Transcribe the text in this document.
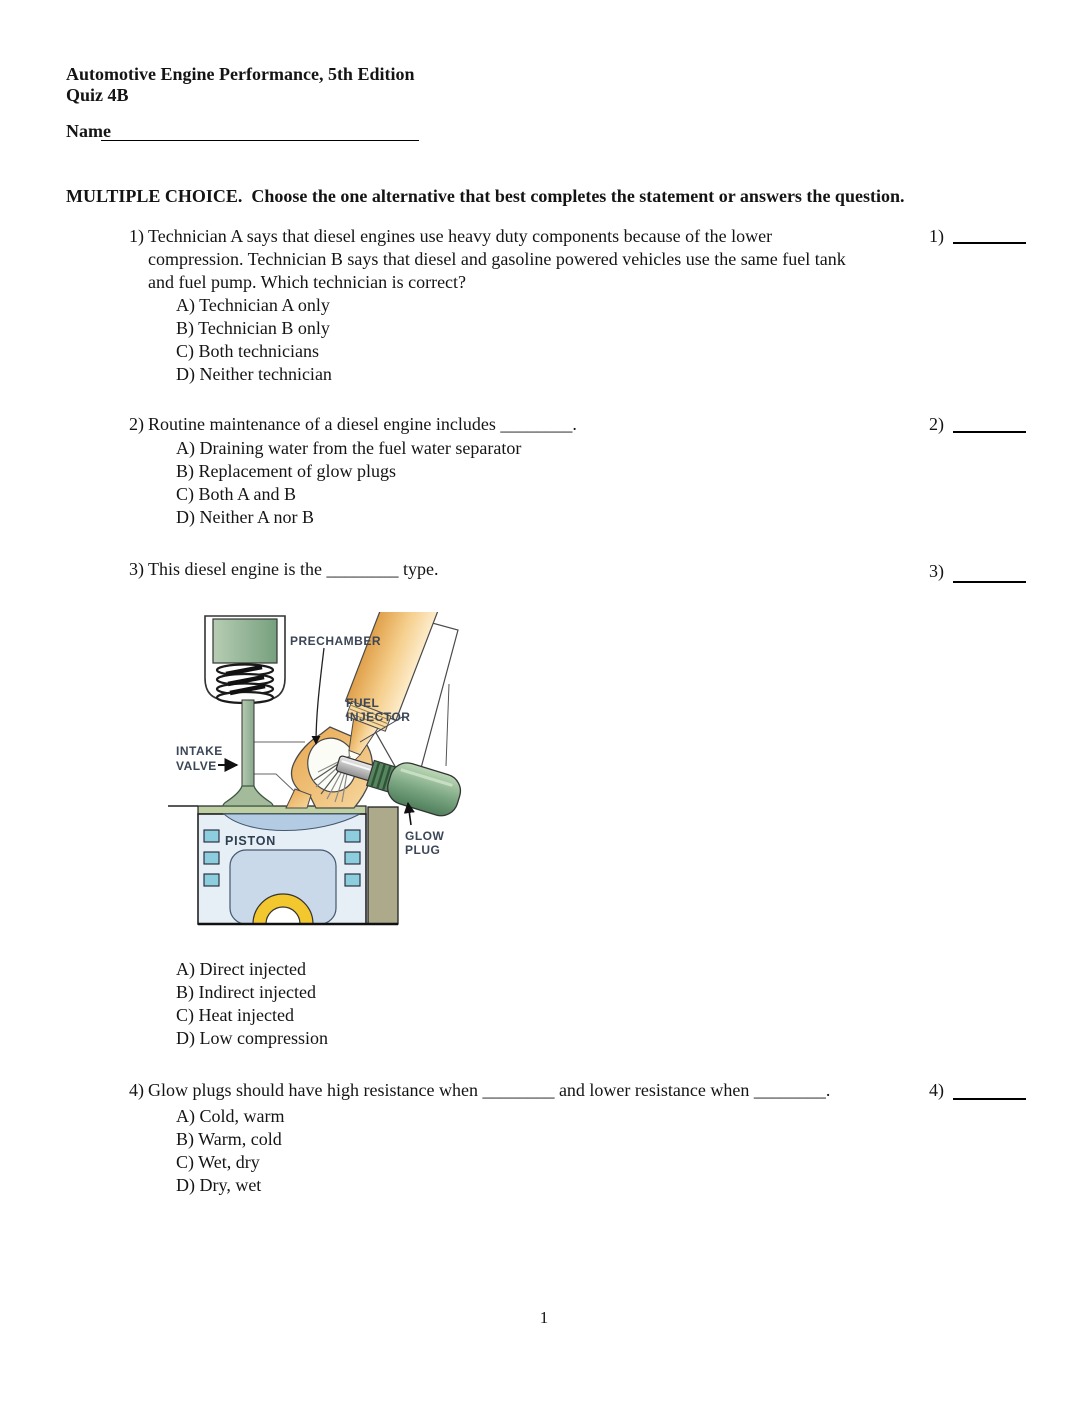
Automotive Engine Performance, 5th Edition
Quiz 4B
Name
MULTIPLE CHOICE.  Choose the one alternative that best completes the statement or answers the question.
1) Technician A says that diesel engines use heavy duty components because of the lower
compression. Technician B says that diesel and gasoline powered vehicles use the same fuel tank
and fuel pump. Which technician is correct?
A) Technician A only
B) Technician B only
C) Both technicians
D) Neither technician
1)
2) Routine maintenance of a diesel engine includes ________.
A) Draining water from the fuel water separator
B) Replacement of glow plugs
C) Both A and B
D) Neither A nor B
2)
3) This diesel engine is the ________ type.	3)
PRECHAMBER
FUEL
INJECTOR
INTAKE
VALVE
GLOW
PLUG
PISTON
A) Direct injected
B) Indirect injected
C) Heat injected
D) Low compression
4) Glow plugs should have high resistance when ________ and lower resistance when ________.
A) Cold, warm
B) Warm, cold
C) Wet, dry
D) Dry, wet
4)
1
